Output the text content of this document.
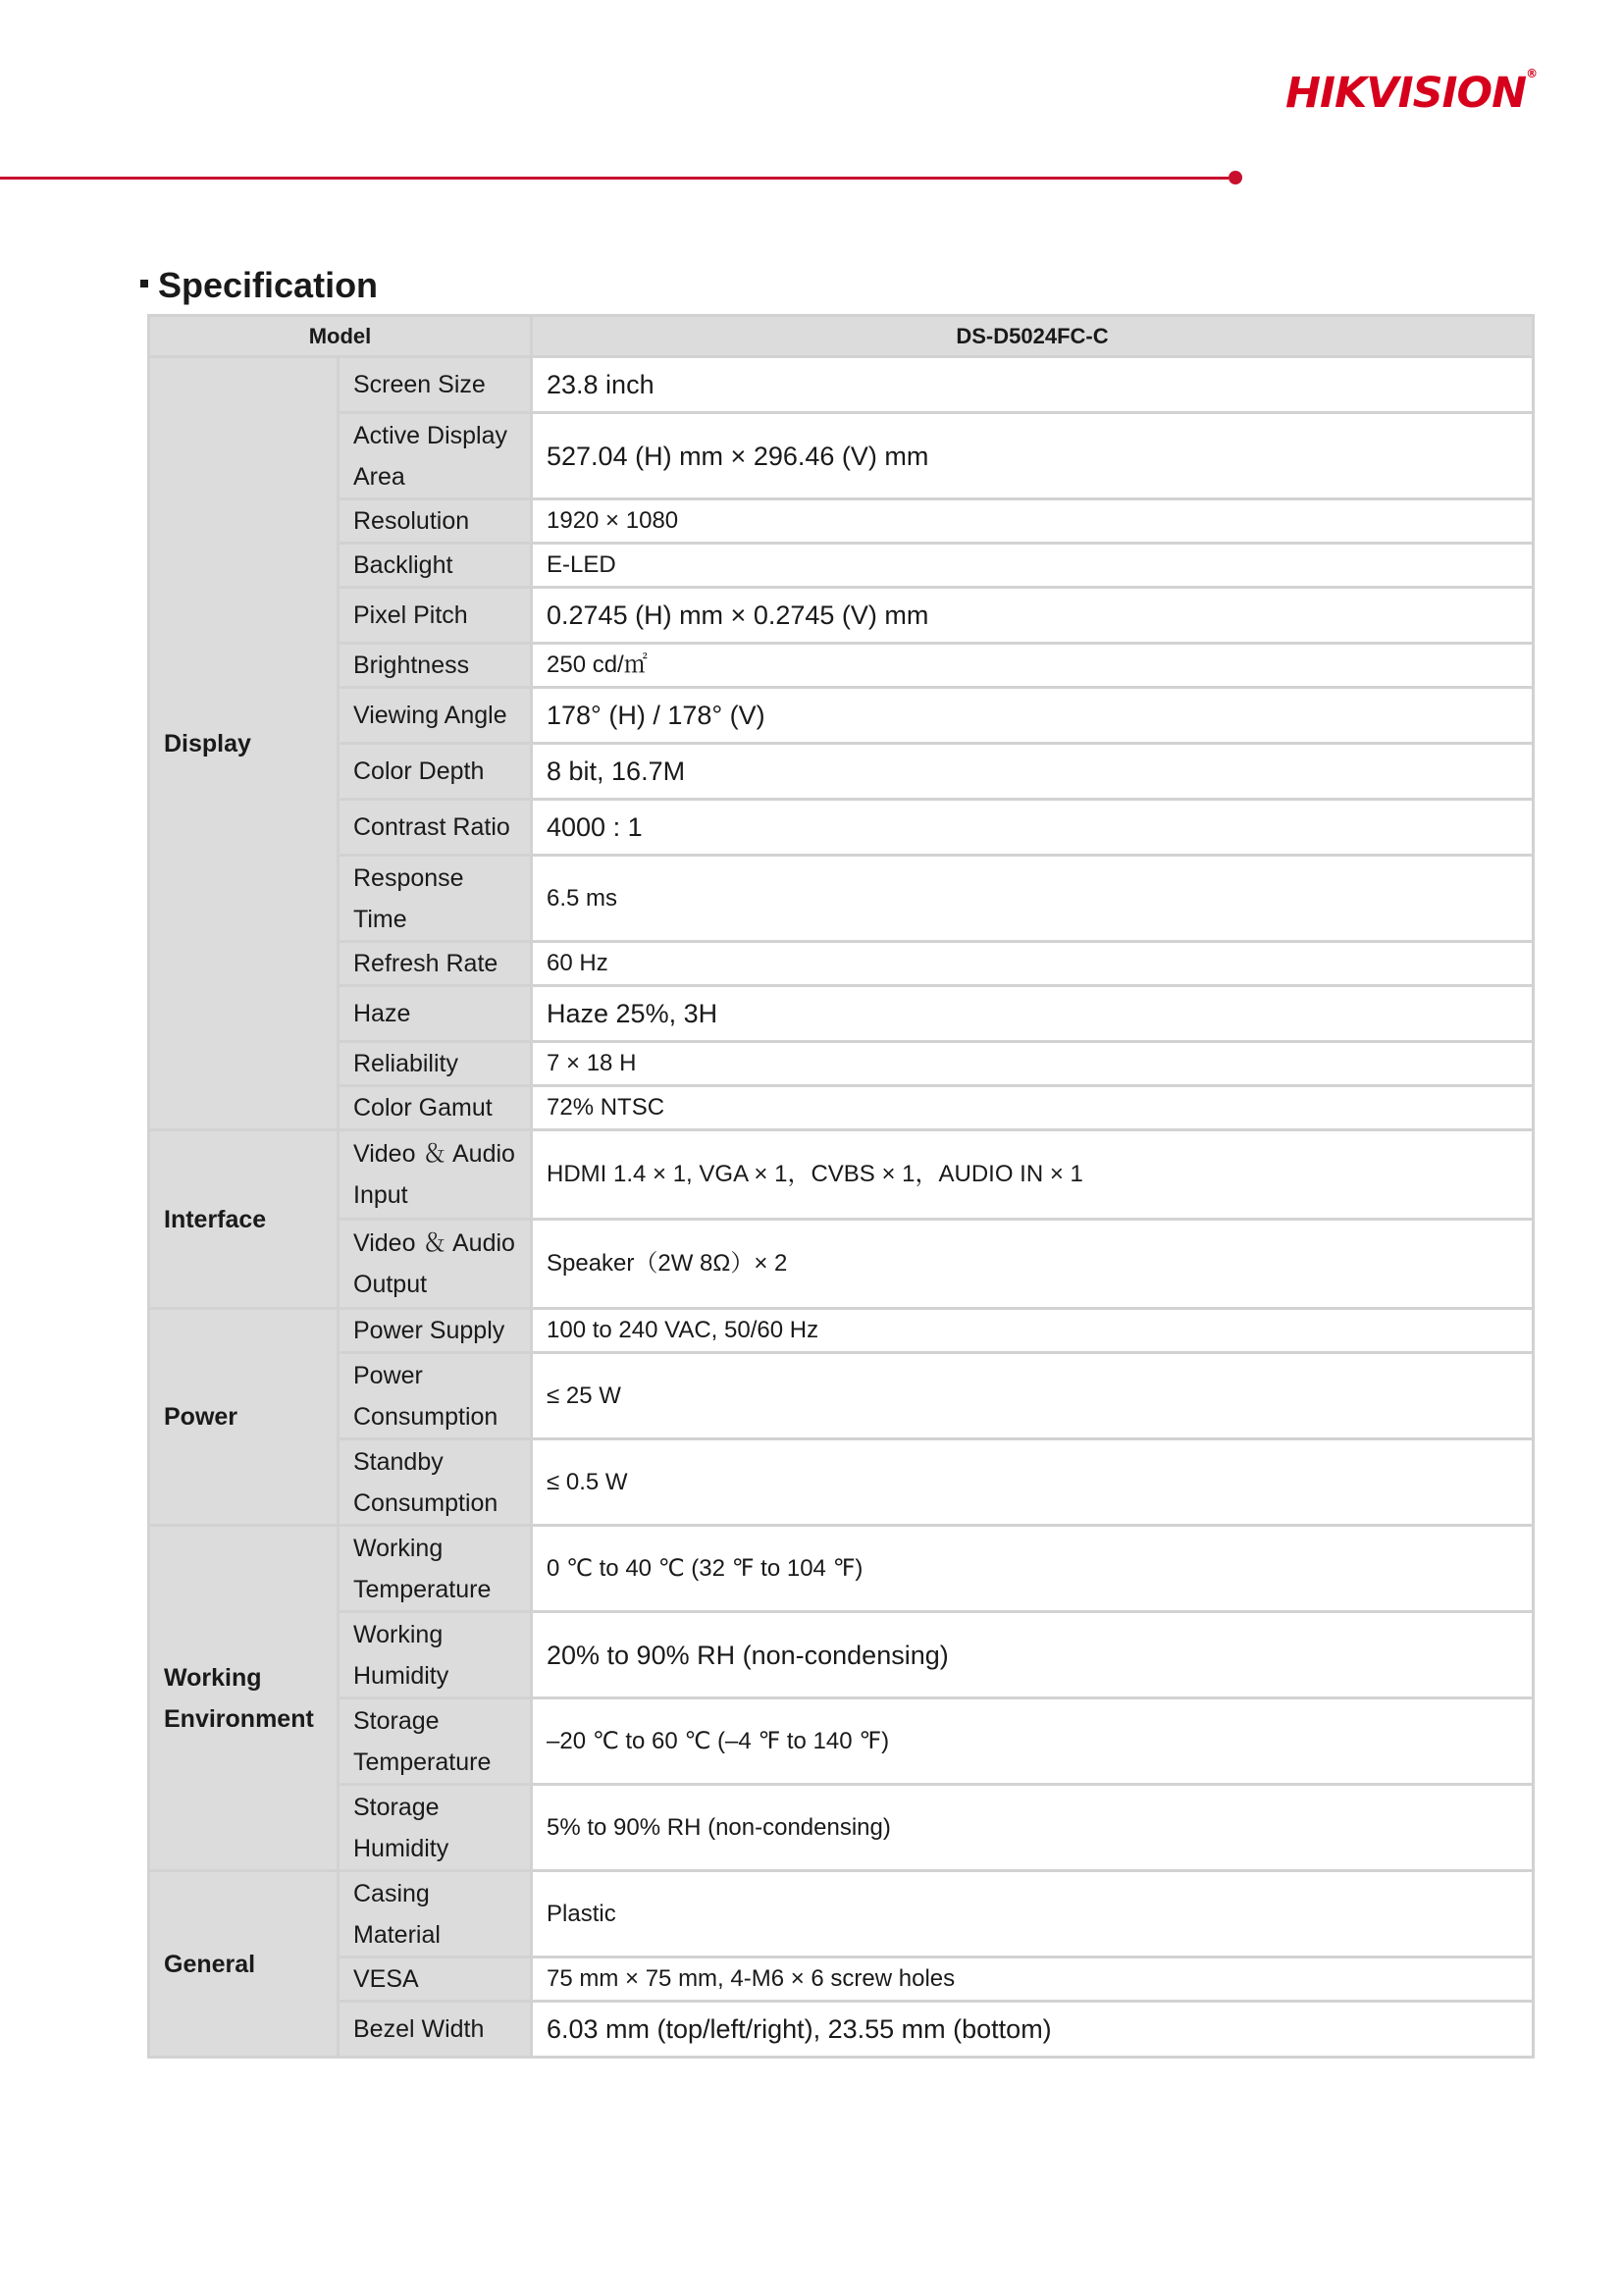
HIKVISION®
Specification
Model		DS-D5024FC-C
Display	Screen Size	23.8 inch
	Active Display Area	527.04 (H) mm × 296.46 (V) mm
	Resolution	1920 × 1080
	Backlight	E-LED
	Pixel Pitch	0.2745 (H) mm × 0.2745 (V) mm
	Brightness	250 cd/㎡
	Viewing Angle	178° (H) / 178° (V)
	Color Depth	8 bit, 16.7M
	Contrast Ratio	4000 : 1
	Response Time	6.5 ms
	Refresh Rate	60 Hz
	Haze	Haze 25%, 3H
	Reliability	7 × 18 H
	Color Gamut	72% NTSC
Interface	Video ＆ Audio Input	HDMI 1.4 × 1, VGA × 1，CVBS × 1，AUDIO IN × 1
	Video ＆ Audio Output	Speaker（2W 8Ω）× 2
Power	Power Supply	100 to 240 VAC, 50/60 Hz
	Power Consumption	≤ 25 W
	Standby Consumption	≤ 0.5 W
Working Environment	Working Temperature	0 ℃ to 40 ℃ (32 ℉ to 104 ℉)
	Working Humidity	20% to 90% RH (non-condensing)
	Storage Temperature	–20 ℃ to 60 ℃ (–4 ℉ to 140 ℉)
	Storage Humidity	5% to 90% RH (non-condensing)
General	Casing Material	Plastic
	VESA	75 mm × 75 mm, 4-M6 × 6 screw holes
	Bezel Width	6.03 mm (top/left/right), 23.55 mm (bottom)
